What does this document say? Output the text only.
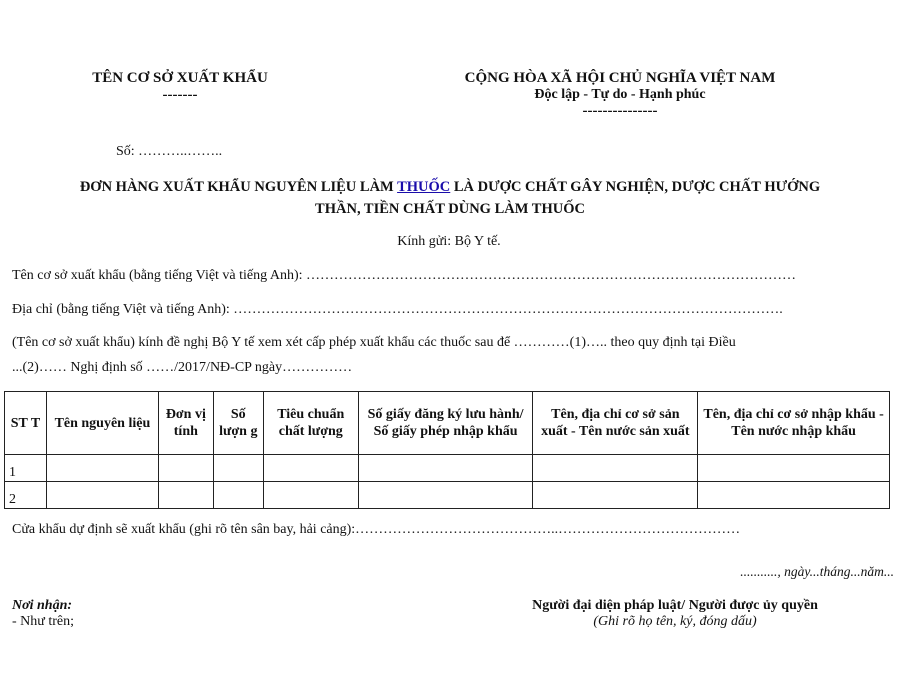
TÊN CƠ SỞ XUẤT KHẨU
-------
CỘNG HÒA XÃ HỘI CHỦ NGHĨA VIỆT NAM
Độc lập - Tự do - Hạnh phúc
---------------
Số: ………..……..
ĐƠN HÀNG XUẤT KHẨU NGUYÊN LIỆU LÀM THUỐC LÀ DƯỢC CHẤT GÂY NGHIỆN, DƯỢC CHẤT HƯỚNG
THẦN, TIỀN CHẤT DÙNG LÀM THUỐC
Kính gửi: Bộ Y tế.
Tên cơ sở xuất khẩu (bằng tiếng Việt và tiếng Anh): ……………………………………………………………………………………………
Địa chỉ (bằng tiếng Việt và tiếng Anh): ……………………………………………………………………………………………………….
(Tên cơ sở xuất khẩu) kính đề nghị Bộ Y tế xem xét cấp phép xuất khẩu các thuốc sau để …………(1)….. theo quy định tại Điều
...(2)…… Nghị định số ……/2017/NĐ-CP ngày……………
ST T	Tên nguyên liệu	Đơn vị tính	Số lượn g	Tiêu chuẩn chất lượng	Số giấy đăng ký lưu hành/ Số giấy phép nhập khẩu	Tên, địa chỉ cơ sở sản xuất - Tên nước sản xuất	Tên, địa chỉ cơ sở nhập khẩu - Tên nước nhập khẩu
1							
2							
Cửa khẩu dự định sẽ xuất khẩu (ghi rõ tên sân bay, hải cảng):……………………………………..…………………………………
..........., ngày...tháng...năm...
Nơi nhận:
- Như trên;
Người đại diện pháp luật/ Người được ủy quyền
(Ghi rõ họ tên, ký, đóng dấu)
